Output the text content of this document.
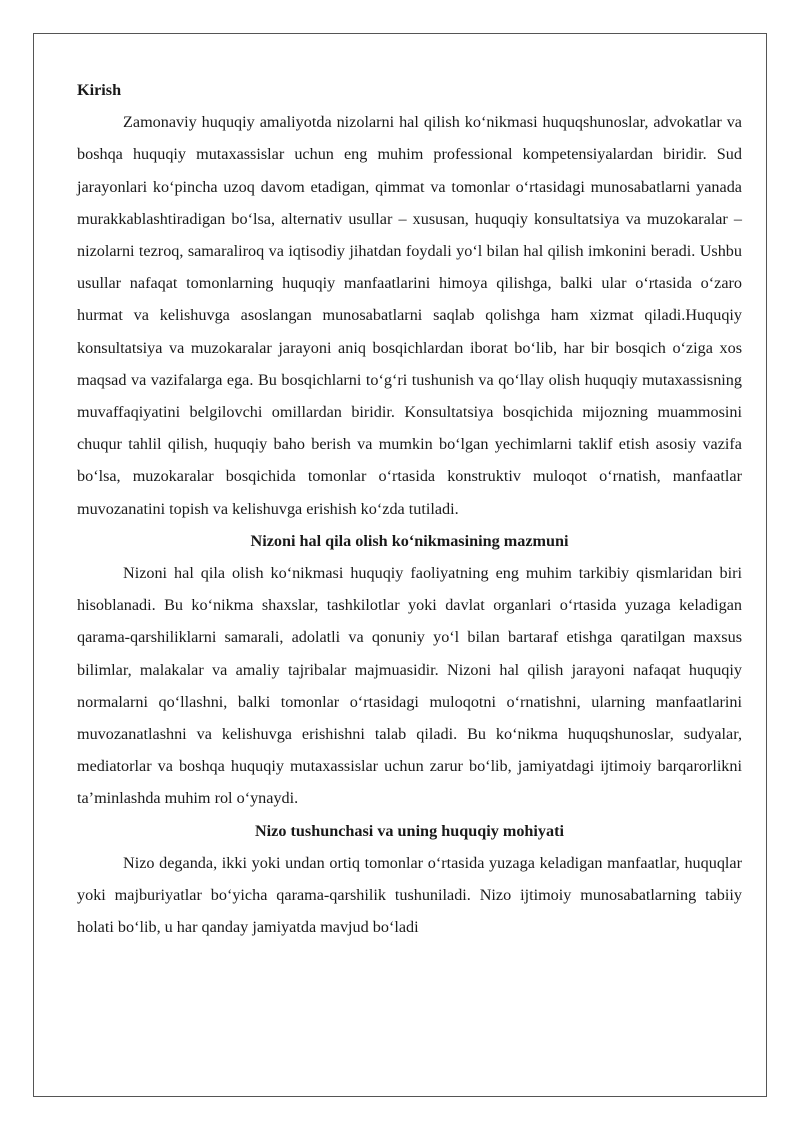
Kirish

Zamonaviy huquqiy amaliyotda nizolarni hal qilish ko‘nikmasi huquqshunoslar, advokatlar va boshqa huquqiy mutaxassislar uchun eng muhim professional kompetensiyalardan biridir. Sud jarayonlari ko‘pincha uzoq davom etadigan, qimmat va tomonlar o‘rtasidagi munosabatlarni yanada murakkablashtiradigan bo‘lsa, alternativ usullar – xususan, huquqiy konsultatsiya va muzokaralar – nizolarni tezroq, samaraliroq va iqtisodiy jihatdan foydali yo‘l bilan hal qilish imkonini beradi. Ushbu usullar nafaqat tomonlarning huquqiy manfaatlarini himoya qilishga, balki ular o‘rtasida o‘zaro hurmat va kelishuvga asoslangan munosabatlarni saqlab qolishga ham xizmat qiladi.Huquqiy konsultatsiya va muzokaralar jarayoni aniq bosqichlardan iborat bo‘lib, har bir bosqich o‘ziga xos maqsad va vazifalarga ega. Bu bosqichlarni to‘g‘ri tushunish va qo‘llay olish huquqiy mutaxassisning muvaffaqiyatini belgilovchi omillardan biridir. Konsultatsiya bosqichida mijozning muammosini chuqur tahlil qilish, huquqiy baho berish va mumkin bo‘lgan yechimlarni taklif etish asosiy vazifa bo‘lsa, muzokaralar bosqichida tomonlar o‘rtasida konstruktiv muloqot o‘rnatish, manfaatlar muvozanatini topish va kelishuvga erishish ko‘zda tutiladi.

Nizoni hal qila olish ko‘nikmasining mazmuni

Nizoni hal qila olish ko‘nikmasi huquqiy faoliyatning eng muhim tarkibiy qismlaridan biri hisoblanadi. Bu ko‘nikma shaxslar, tashkilotlar yoki davlat organlari o‘rtasida yuzaga keladigan qarama-qarshiliklarni samarali, adolatli va qonuniy yo‘l bilan bartaraf etishga qaratilgan maxsus bilimlar, malakalar va amaliy tajribalar majmuasidir. Nizoni hal qilish jarayoni nafaqat huquqiy normalarni qo‘llashni, balki tomonlar o‘rtasidagi muloqotni o‘rnatishni, ularning manfaatlarini muvozanatlashni va kelishuvga erishishni talab qiladi. Bu ko‘nikma huquqshunoslar, sudyalar, mediatorlar va boshqa huquqiy mutaxassislar uchun zarur bo‘lib, jamiyatdagi ijtimoiy barqarorlikni ta’minlashda muhim rol o‘ynaydi.

Nizo tushunchasi va uning huquqiy mohiyati

Nizo deganda, ikki yoki undan ortiq tomonlar o‘rtasida yuzaga keladigan manfaatlar, huquqlar yoki majburiyatlar bo‘yicha qarama-qarshilik tushuniladi. Nizo ijtimoiy munosabatlarning tabiiy holati bo‘lib, u har qanday jamiyatda mavjud bo‘ladi
